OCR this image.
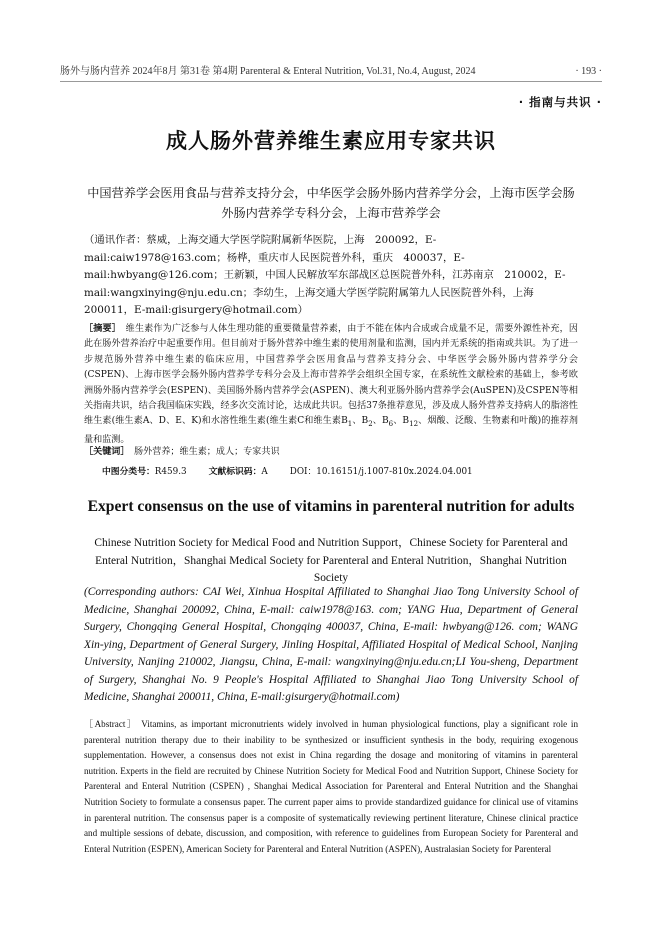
肠外与肠内营养 2024年8月 第31卷 第4期 Parenteral & Enteral Nutrition, Vol.31, No.4, August, 2024	· 193 ·
· 指南与共识 ·
成人肠外营养维生素应用专家共识
中国营养学会医用食品与营养支持分会，中华医学会肠外肠内营养学分会，上海市医学会肠外肠内营养学专科分会，上海市营养学会
（通讯作者：蔡威，上海交通大学医学院附属新华医院，上海　200092，E-mail:caiw1978@163.com；杨桦，重庆市人民医院普外科，重庆　400037，E-mail:hwbyang@126.com；王新颖，中国人民解放军东部战区总医院普外科，江苏南京　210002，E-mail:wangxinying@nju.edu.cn；李幼生，上海交通大学医学院附属第九人民医院普外科，上海　200011，E-mail:gisurgery@hotmail.com）
［摘要］　 维生素作为广泛参与人体生理功能的重要微量营养素，由于不能在体内合成或合成量不足，需要外源性补充，因此在肠外营养治疗中起重要作用。但目前对于肠外营养中维生素的使用剂量和监测，国内并无系统的指南或共识。为了进一步规范肠外营养中维生素的临床应用，中国营养学会医用食品与营养支持分会、中华医学会肠外肠内营养学分会(CSPEN)、上海市医学会肠外肠内营养学专科分会及上海市营养学会组织全国专家，在系统性文献检索的基础上，参考欧洲肠外肠内营养学会(ESPEN)、美国肠外肠内营养学会(ASPEN)、澳大利亚肠外肠内营养学会(AuSPEN)及CSPEN等相关指南共识，结合我国临床实践，经多次交流讨论，达成此共识。包括37条推荐意见，涉及成人肠外营养支持病人的脂溶性维生素(维生素A、D、E、K)和水溶性维生素(维生素C和维生素$B_1$、$B_2$、$B_6$、$B_{12}$、烟酸、泛酸、生物素和叶酸)的推荐剂量和监测。
［关键词］　 肠外营养；维生素；成人；专家共识
中图分类号：R459.3	文献标识码：A	DOI：10.16151/j.1007-810x.2024.04.001
Expert consensus on the use of vitamins in parenteral nutrition for adults
Chinese Nutrition Society for Medical Food and Nutrition Support，Chinese Society for Parenteral and Enteral Nutrition，Shanghai Medical Society for Parenteral and Enteral Nutrition，Shanghai Nutrition Society
(Corresponding authors: CAI Wei, Xinhua Hospital Affiliated to Shanghai Jiao Tong University School of Medicine, Shanghai 200092, China, E-mail: caiw1978@163. com; YANG Hua, Department of General Surgery, Chongqing General Hospital, Chongqing 400037, China, E-mail: hwbyang@126. com; WANG Xin-ying, Department of General Surgery, Jinling Hospital, Affiliated Hospital of Medical School, Nanjing University, Nanjing 210002, Jiangsu, China, E-mail: wangxinying@nju.edu.cn;LI You-sheng, Department of Surgery, Shanghai No. 9 People's Hospital Affiliated to Shanghai Jiao Tong University School of Medicine, Shanghai 200011, China, E-mail:gisurgery@hotmail.com)
［Abstract］ Vitamins, as important micronutrients widely involved in human physiological functions, play a significant role in parenteral nutrition therapy due to their inability to be synthesized or insufficient synthesis in the body, requiring exogenous supplementation. However, a consensus does not exist in China regarding the dosage and monitoring of vitamins in parenteral nutrition. Experts in the field are recruited by Chinese Nutrition Society for Medical Food and Nutrition Support, Chinese Society for Parenteral and Enteral Nutrition (CSPEN) , Shanghai Medical Association for Parenteral and Enteral Nutrition and the Shanghai Nutrition Society to formulate a consensus paper. The current paper aims to provide standardized guidance for clinical use of vitamins in parenteral nutrition. The consensus paper is a composite of systematically reviewing pertinent literature, Chinese clinical practice and multiple sessions of debate, discussion, and composition, with reference to guidelines from European Society for Parenteral and Enteral Nutrition (ESPEN), American Society for Parenteral and Enteral Nutrition (ASPEN), Australasian Society for Parenteral
